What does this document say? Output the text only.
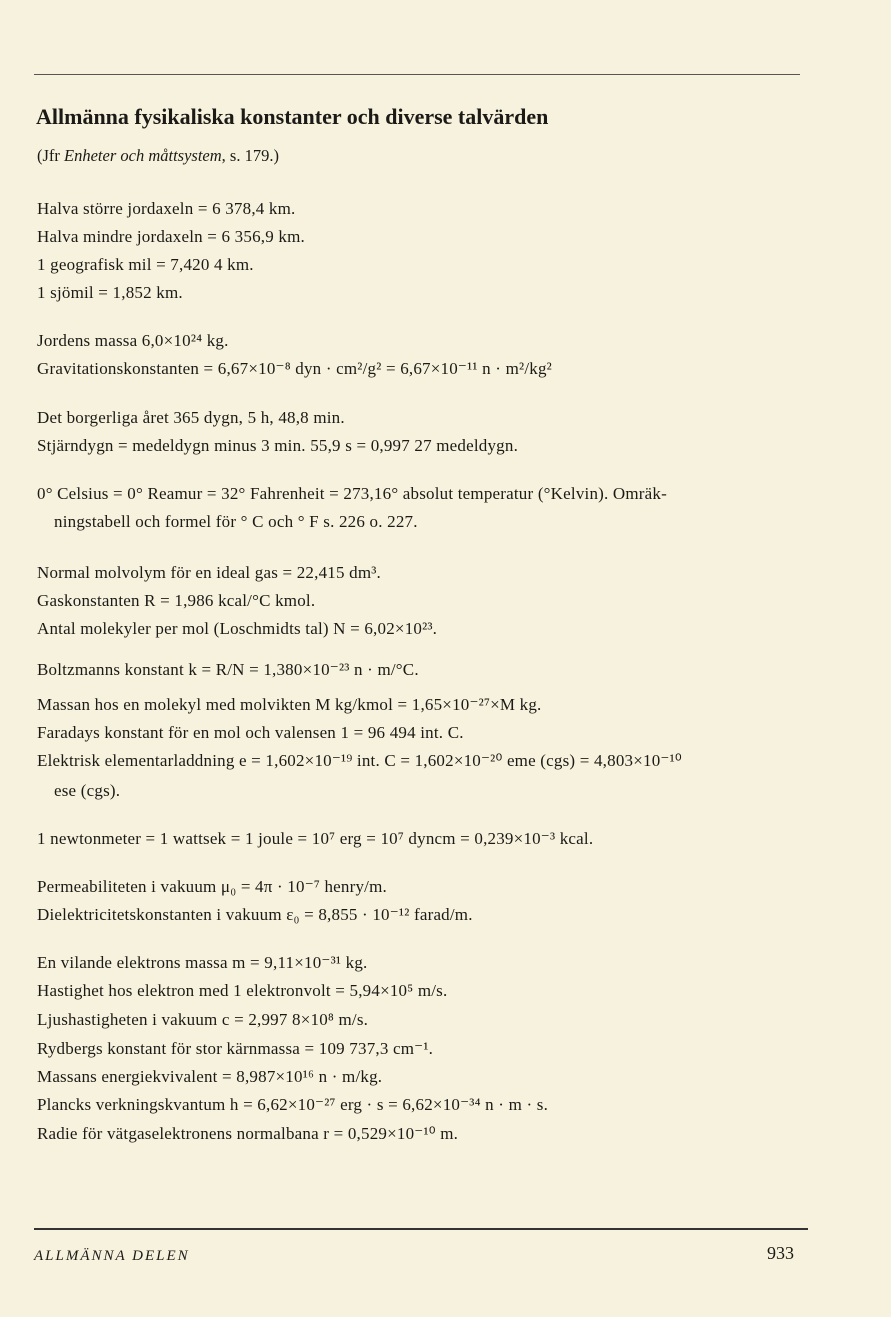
Allmänna fysikaliska konstanter och diverse talvärden
(Jfr Enheter och måttsystem, s. 179.)
Halva större jordaxeln = 6 378,4 km.
Halva mindre jordaxeln = 6 356,9 km.
1 geografisk mil = 7,420 4 km.
1 sjömil = 1,852 km.
Jordens massa 6,0×10²⁴ kg.
Gravitationskonstanten = 6,67×10⁻⁸ dyn · cm²/g² = 6,67×10⁻¹¹ n · m²/kg²
Det borgerliga året 365 dygn, 5 h, 48,8 min.
Stjärndygn = medeldygn minus 3 min. 55,9 s = 0,997 27 medeldygn.
0° Celsius = 0° Reamur = 32° Fahrenheit = 273,16° absolut temperatur (°Kelvin). Omräk-
ningstabell och formel för ° C och ° F s. 226 o. 227.
Normal molvolym för en ideal gas = 22,415 dm³.
Gaskonstanten R = 1,986 kcal/°C kmol.
Antal molekyler per mol (Loschmidts tal) N = 6,02×10²³.
Boltzmanns konstant k = R/N = 1,380×10⁻²³ n · m/°C.
Massan hos en molekyl med molvikten M kg/kmol = 1,65×10⁻²⁷×M kg.
Faradays konstant för en mol och valensen 1 = 96 494 int. C.
Elektrisk elementarladdning e = 1,602×10⁻¹⁹ int. C = 1,602×10⁻²⁰ eme (cgs) = 4,803×10⁻¹⁰
ese (cgs).
1 newtonmeter = 1 wattsek = 1 joule = 10⁷ erg = 10⁷ dyncm = 0,239×10⁻³ kcal.
Permeabiliteten i vakuum μ₀ = 4π · 10⁻⁷ henry/m.
Dielektricitetskonstanten i vakuum ε₀ = 8,855 · 10⁻¹² farad/m.
En vilande elektrons massa m = 9,11×10⁻³¹ kg.
Hastighet hos elektron med 1 elektronvolt = 5,94×10⁵ m/s.
Ljushastigheten i vakuum c = 2,997 8×10⁸ m/s.
Rydbergs konstant för stor kärnmassa = 109 737,3 cm⁻¹.
Massans energiekvivalent = 8,987×10¹⁶ n · m/kg.
Plancks verkningskvantum h = 6,62×10⁻²⁷ erg · s = 6,62×10⁻³⁴ n · m · s.
Radie för vätgaselektronens normalbana r = 0,529×10⁻¹⁰ m.
ALLMÄNNA DELEN	933
